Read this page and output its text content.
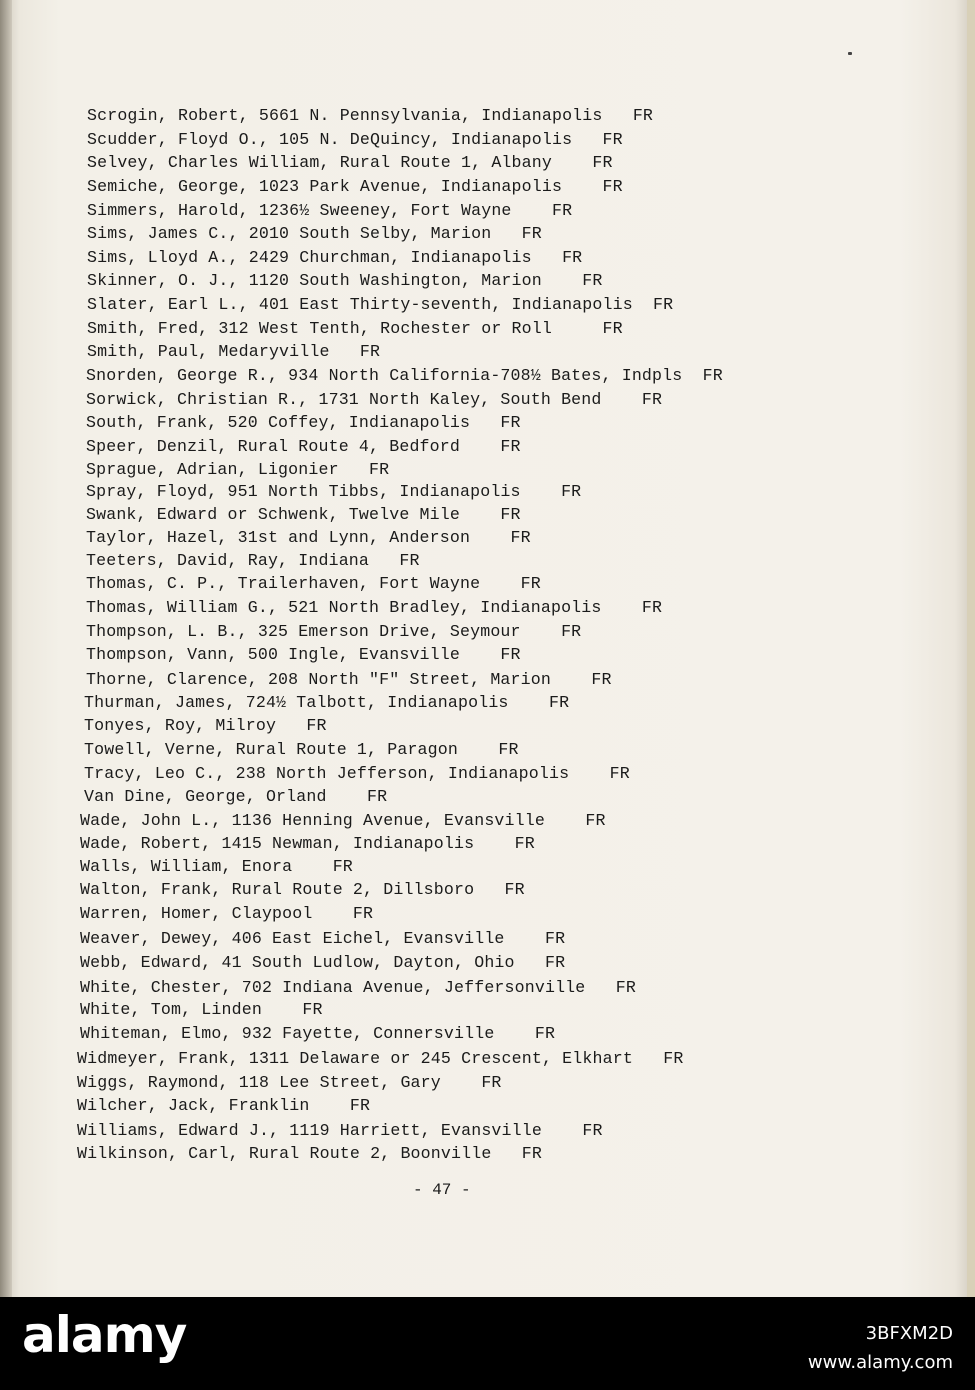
Scrogin, Robert, 5661 N. Pennsylvania, Indianapolis   FR
Scudder, Floyd O., 105 N. DeQuincy, Indianapolis   FR
Selvey, Charles William, Rural Route 1, Albany    FR
Semiche, George, 1023 Park Avenue, Indianapolis    FR
Simmers, Harold, 1236½ Sweeney, Fort Wayne    FR
Sims, James C., 2010 South Selby, Marion   FR
Sims, Lloyd A., 2429 Churchman, Indianapolis   FR
Skinner, O. J., 1120 South Washington, Marion    FR
Slater, Earl L., 401 East Thirty-seventh, Indianapolis  FR
Smith, Fred, 312 West Tenth, Rochester or Roll     FR
Smith, Paul, Medaryville   FR
Snorden, George R., 934 North California-708½ Bates, Indpls  FR
Sorwick, Christian R., 1731 North Kaley, South Bend    FR
South, Frank, 520 Coffey, Indianapolis   FR
Speer, Denzil, Rural Route 4, Bedford    FR
Sprague, Adrian, Ligonier   FR
Spray, Floyd, 951 North Tibbs, Indianapolis    FR
Swank, Edward or Schwenk, Twelve Mile    FR
Taylor, Hazel, 31st and Lynn, Anderson    FR
Teeters, David, Ray, Indiana   FR
Thomas, C. P., Trailerhaven, Fort Wayne    FR
Thomas, William G., 521 North Bradley, Indianapolis    FR
Thompson, L. B., 325 Emerson Drive, Seymour    FR
Thompson, Vann, 500 Ingle, Evansville    FR
Thorne, Clarence, 208 North "F" Street, Marion    FR
Thurman, James, 724½ Talbott, Indianapolis    FR
Tonyes, Roy, Milroy   FR
Towell, Verne, Rural Route 1, Paragon    FR
Tracy, Leo C., 238 North Jefferson, Indianapolis    FR
Van Dine, George, Orland    FR
Wade, John L., 1136 Henning Avenue, Evansville    FR
Wade, Robert, 1415 Newman, Indianapolis    FR
Walls, William, Enora    FR
Walton, Frank, Rural Route 2, Dillsboro   FR
Warren, Homer, Claypool    FR
Weaver, Dewey, 406 East Eichel, Evansville    FR
Webb, Edward, 41 South Ludlow, Dayton, Ohio   FR
White, Chester, 702 Indiana Avenue, Jeffersonville   FR
White, Tom, Linden    FR
Whiteman, Elmo, 932 Fayette, Connersville    FR
Widmeyer, Frank, 1311 Delaware or 245 Crescent, Elkhart   FR
Wiggs, Raymond, 118 Lee Street, Gary    FR
Wilcher, Jack, Franklin    FR
Williams, Edward J., 1119 Harriett, Evansville    FR
Wilkinson, Carl, Rural Route 2, Boonville   FR
- 47 -
alamy	3BFXM2D
www.alamy.com
